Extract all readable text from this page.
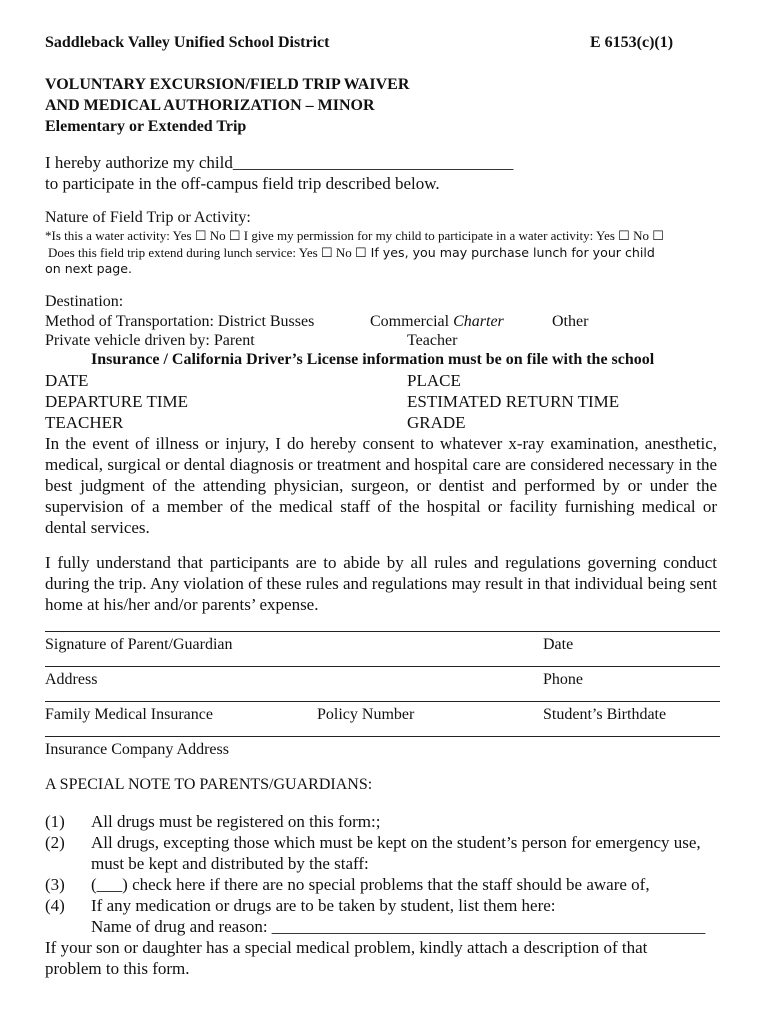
Saddleback Valley Unified School District	E 6153(c)(1)
VOLUNTARY EXCURSION/FIELD TRIP WAIVER
AND MEDICAL AUTHORIZATION – MINOR
Elementary or Extended Trip
I hereby authorize my child_________________________________
to participate in the off-campus field trip described below.
Nature of Field Trip or Activity:
*Is this a water activity: Yes ☐ No ☐ I give my permission for my child to participate in a water activity: Yes ☐ No ☐
Does this field trip extend during lunch service: Yes ☐ No ☐ If yes, you may purchase lunch for your child
on next page.
Destination:
Method of Transportation: District Busses	Commercial Charter	Other
Private vehicle driven by: Parent	Teacher
Insurance / California Driver’s License information must be on file with the school
DATE	PLACE
DEPARTURE TIME	ESTIMATED RETURN TIME
TEACHER	GRADE
In the event of illness or injury, I do hereby consent to whatever x-ray examination, anesthetic, medical, surgical or dental diagnosis or treatment and hospital care are considered necessary in the best judgment of the attending physician, surgeon, or dentist and performed by or under the supervision of a member of the medical staff of the hospital or facility furnishing medical or dental services.
I fully understand that participants are to abide by all rules and regulations governing conduct during the trip. Any violation of these rules and regulations may result in that individual being sent home at his/her and/or parents’ expense.
Signature of Parent/Guardian	Date
Address	Phone
Family Medical Insurance	Policy Number	Student’s Birthdate
Insurance Company Address
A SPECIAL NOTE TO PARENTS/GUARDIANS:
(1) All drugs must be registered on this form:;
(2) All drugs, excepting those which must be kept on the student’s person for emergency use,
must be kept and distributed by the staff:
(3) (___) check here if there are no special problems that the staff should be aware of,
(4) If any medication or drugs are to be taken by student, list them here:
Name of drug and reason: ___________________________________________________
If your son or daughter has a special medical problem, kindly attach a description of that
problem to this form.
